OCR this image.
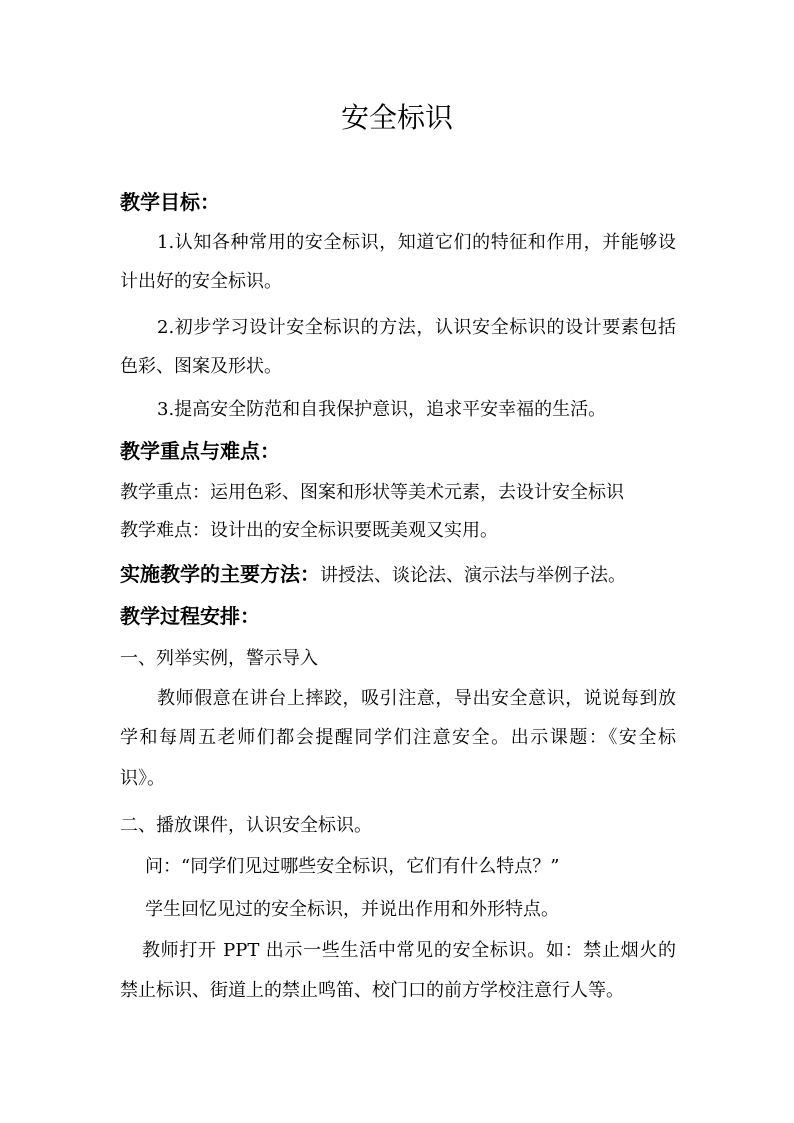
安全标识
教学目标：
1.认知各种常用的安全标识，知道它们的特征和作用，并能够设
计出好的安全标识。
2.初步学习设计安全标识的方法，认识安全标识的设计要素包括
色彩、图案及形状。
3.提高安全防范和自我保护意识，追求平安幸福的生活。
教学重点与难点：
教学重点：运用色彩、图案和形状等美术元素，去设计安全标识
教学难点：设计出的安全标识要既美观又实用。
实施教学的主要方法：讲授法、谈论法、演示法与举例子法。
教学过程安排：
一、列举实例，警示导入
教师假意在讲台上摔跤，吸引注意，导出安全意识，说说每到放
学和每周五老师们都会提醒同学们注意安全。出示课题：《安全标
识》。
二、播放课件，认识安全标识。
问：“同学们见过哪些安全标识，它们有什么特点？”
学生回忆见过的安全标识，并说出作用和外形特点。
教师打开 PPT 出示一些生活中常见的安全标识。如：禁止烟火的
禁止标识、街道上的禁止鸣笛、校门口的前方学校注意行人等。
